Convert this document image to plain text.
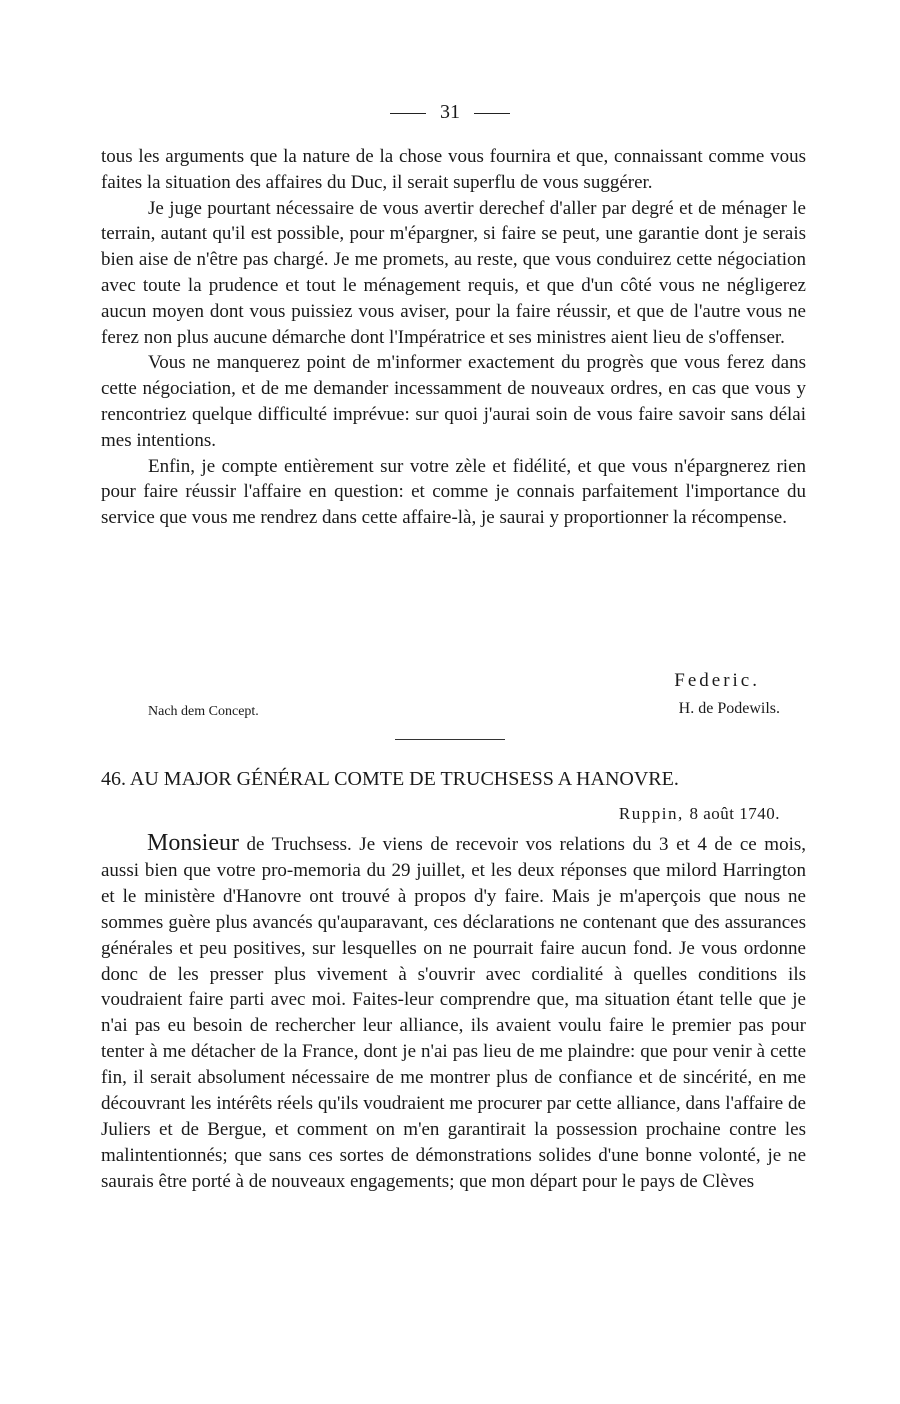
31

tous les arguments que la nature de la chose vous fournira et que, connaissant comme vous faites la situation des affaires du Duc, il serait superflu de vous suggérer.

Je juge pourtant nécessaire de vous avertir derechef d'aller par degré et de ménager le terrain, autant qu'il est possible, pour m'épargner, si faire se peut, une garantie dont je serais bien aise de n'être pas chargé. Je me promets, au reste, que vous conduirez cette négociation avec toute la prudence et tout le ménagement requis, et que d'un côté vous ne négligerez aucun moyen dont vous puissiez vous aviser, pour la faire réussir, et que de l'autre vous ne ferez non plus aucune démarche dont l'Impératrice et ses ministres aient lieu de s'offenser.

Vous ne manquerez point de m'informer exactement du progrès que vous ferez dans cette négociation, et de me demander incessamment de nouveaux ordres, en cas que vous y rencontriez quelque difficulté imprévue: sur quoi j'aurai soin de vous faire savoir sans délai mes intentions.

Enfin, je compte entièrement sur votre zèle et fidélité, et que vous n'épargnerez rien pour faire réussir l'affaire en question: et comme je connais parfaitement l'importance du service que vous me rendrez dans cette affaire-là, je saurai y proportionner la récompense.

Federic.
Nach dem Concept.	H. de Podewils.
46. AU MAJOR GÉNÉRAL COMTE DE TRUCHSESS A HANOVRE.
Ruppin, 8 août 1740.

Monsieur de Truchsess. Je viens de recevoir vos relations du 3 et 4 de ce mois, aussi bien que votre pro-memoria du 29 juillet, et les deux réponses que milord Harrington et le ministère d'Hanovre ont trouvé à propos d'y faire. Mais je m'aperçois que nous ne sommes guère plus avancés qu'auparavant, ces déclarations ne contenant que des assurances générales et peu positives, sur lesquelles on ne pourrait faire aucun fond. Je vous ordonne donc de les presser plus vivement à s'ouvrir avec cordialité à quelles conditions ils voudraient faire parti avec moi. Faites-leur comprendre que, ma situation étant telle que je n'ai pas eu besoin de rechercher leur alliance, ils avaient voulu faire le premier pas pour tenter à me détacher de la France, dont je n'ai pas lieu de me plaindre: que pour venir à cette fin, il serait absolument nécessaire de me montrer plus de confiance et de sincérité, en me découvrant les intérêts réels qu'ils voudraient me procurer par cette alliance, dans l'affaire de Juliers et de Bergue, et comment on m'en garantirait la possession prochaine contre les malintentionnés; que sans ces sortes de démonstrations solides d'une bonne volonté, je ne saurais être porté à de nouveaux engagements; que mon départ pour le pays de Clèves
